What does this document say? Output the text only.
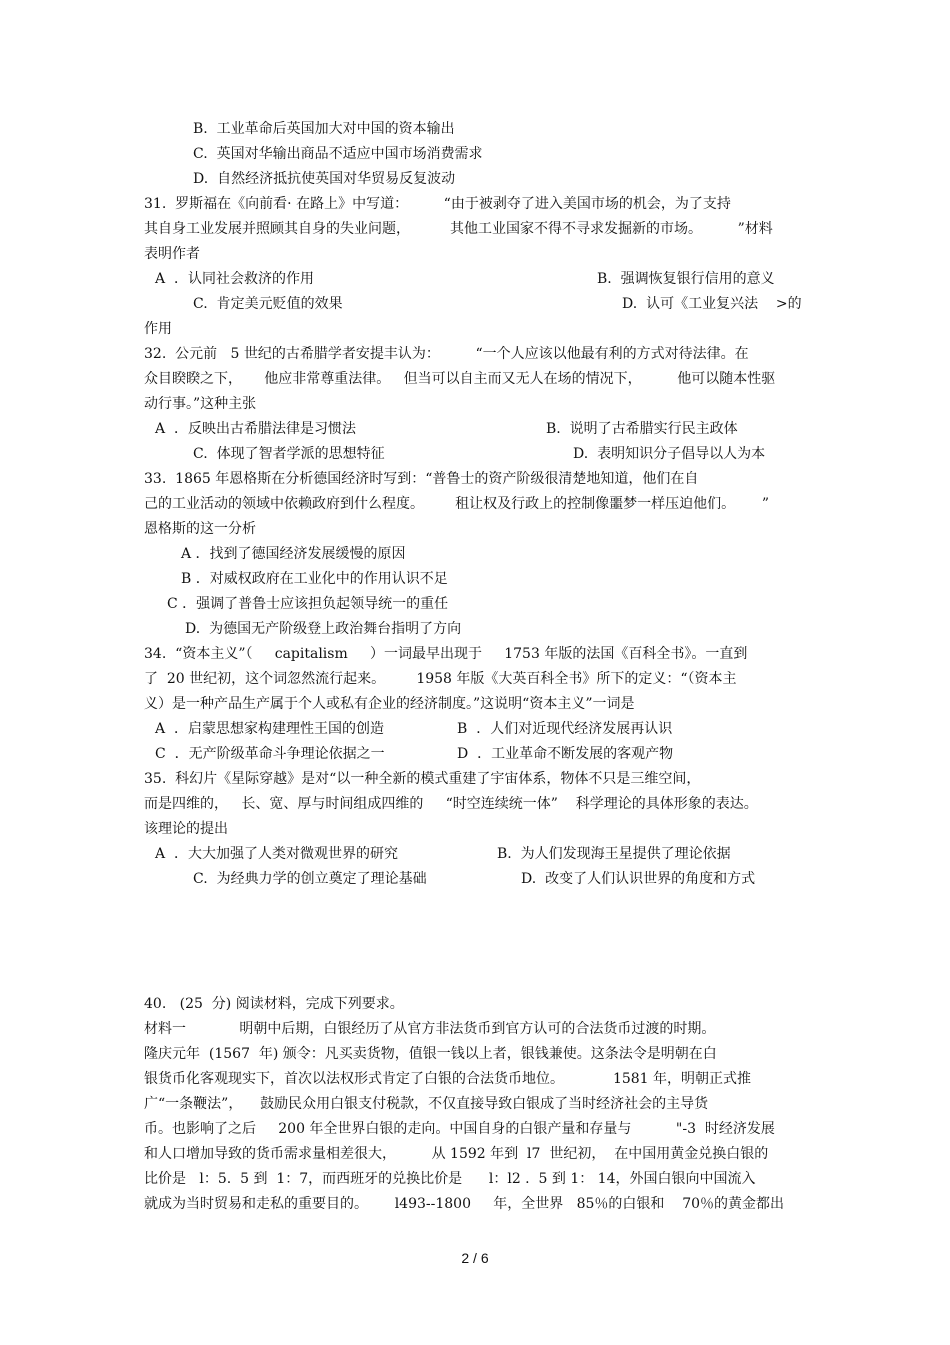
B.  工业革命后英国加大对中国的资本输出
C.  英国对华输出商品不适应中国市场消费需求
D.  自然经济抵抗使英国对华贸易反复波动
31.  罗斯福在《向前看· 在路上》中写道：        “由于被剥夺了进入美国市场的机会，为了支持
其自身工业发展并照顾其自身的失业问题，         其他工业国家不得不寻求发掘新的市场。        ”材料
表明作者
A  ．认同社会救济的作用	B.  强调恢复银行信用的意义
C.  肯定美元贬值的效果	D.  认可《工业复兴法    >的
作用
32.  公元前   5 世纪的古希腊学者安提丰认为：        “一个人应该以他最有利的方式对待法律。在
众目睽睽之下，     他应非常尊重法律。   但当可以自主而又无人在场的情况下，        他可以随本性驱
动行事。”这种主张
A  ．反映出古希腊法律是习惯法	B.  说明了古希腊实行民主政体
C.  体现了智者学派的思想特征	D.  表明知识分子倡导以人为本
33.  1865 年恩格斯在分析德国经济时写到：“普鲁士的资产阶级很清楚地知道，他们在自
己的工业活动的领域中依赖政府到什么程度。       租让权及行政上的控制像噩梦一样压迫他们。      ”
恩格斯的这一分析
A ．找到了德国经济发展缓慢的原因
B ．对威权政府在工业化中的作用认识不足
C ．强调了普鲁士应该担负起领导统一的重任
D.  为德国无产阶级登上政治舞台指明了方向
34.  “资本主义”（     capitalism     ）一词最早出现于     1753 年版的法国《百科全书》。一直到
了  20 世纪初，这个词忽然流行起来。       1958 年版《大英百科全书》所下的定义：“（资本主
义）是一种产品生产属于个人或私有企业的经济制度。”这说明“资本主义”一词是
A  ．启蒙思想家构建理性王国的创造	B  ．人们对近现代经济发展再认识
C  ．无产阶级革命斗争理论依据之一	D  ．工业革命不断发展的客观产物
35.  科幻片《星际穿越》是对“以一种全新的模式重建了宇宙体系，物体不只是三维空间，
而是四维的，   长、宽、厚与时间组成四维的     “时空连续统一体”    科学理论的具体形象的表达。
该理论的提出
A  ．大大加强了人类对微观世界的研究	B.  为人们发现海王星提供了理论依据
C.  为经典力学的创立奠定了理论基础	D.  改变了人们认识世界的角度和方式
40.   (25  分) 阅读材料，完成下列要求。
材料一            明朝中后期，白银经历了从官方非法货币到官方认可的合法货币过渡的时期。
隆庆元年  (1567  年) 颁令：凡买卖货物，值银一钱以上者，银钱兼使。这条法令是明朝在白
银货币化客观现实下，首次以法权形式肯定了白银的合法货币地位。           1581 年，明朝正式推
广“一条鞭法”，    鼓励民众用白银支付税款，不仅直接导致白银成了当时经济社会的主导货
币。也影响了之后     200 年全世界白银的走向。中国自身的白银产量和存量与          "-3  时经济发展
和人口增加导致的货币需求量相差很大，        从 1592 年到  l7  世纪初，  在中国用黄金兑换白银的
比价是   l：5.  5 到  1：7，而西班牙的兑换比价是      l：l2 .  5 到 1： 14，外国白银向中国流入
就成为当时贸易和走私的重要目的。      l493--1800     年，全世界   85％的白银和    70％的黄金都出
2 / 6
